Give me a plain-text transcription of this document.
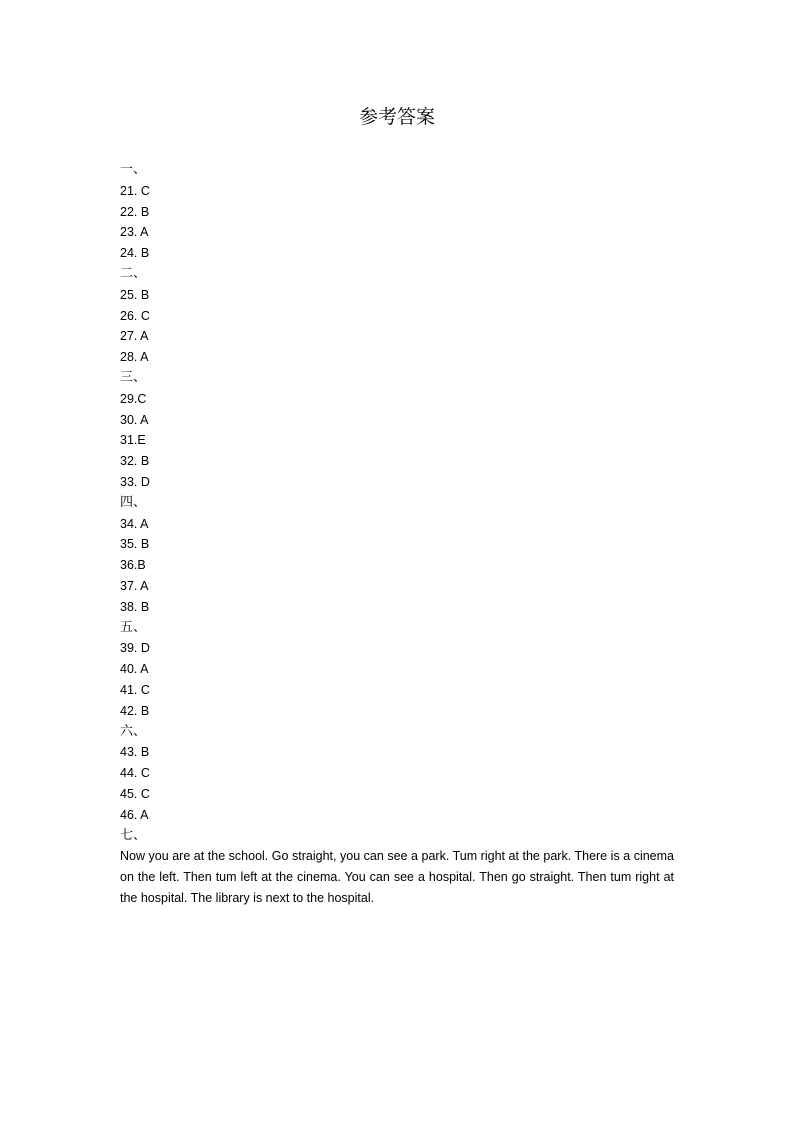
参考答案
一、
21. C
22. B
23. A
24. B
二、
25. B
26. C
27. A
28. A
三、
29.C
30. A
31.E
32. B
33. D
四、
34. A
35. B
36.B
37. A
38. B
五、
39. D
40. A
41. C
42. B
六、
43. B
44. C
45. C
46. A
七、
Now you are at the school. Go straight, you can see a park. Tum right at the park. There is a cinema on the left. Then tum left at the cinema. You can see a hospital. Then go straight. Then tum right at the hospital. The library is next to the hospital.
